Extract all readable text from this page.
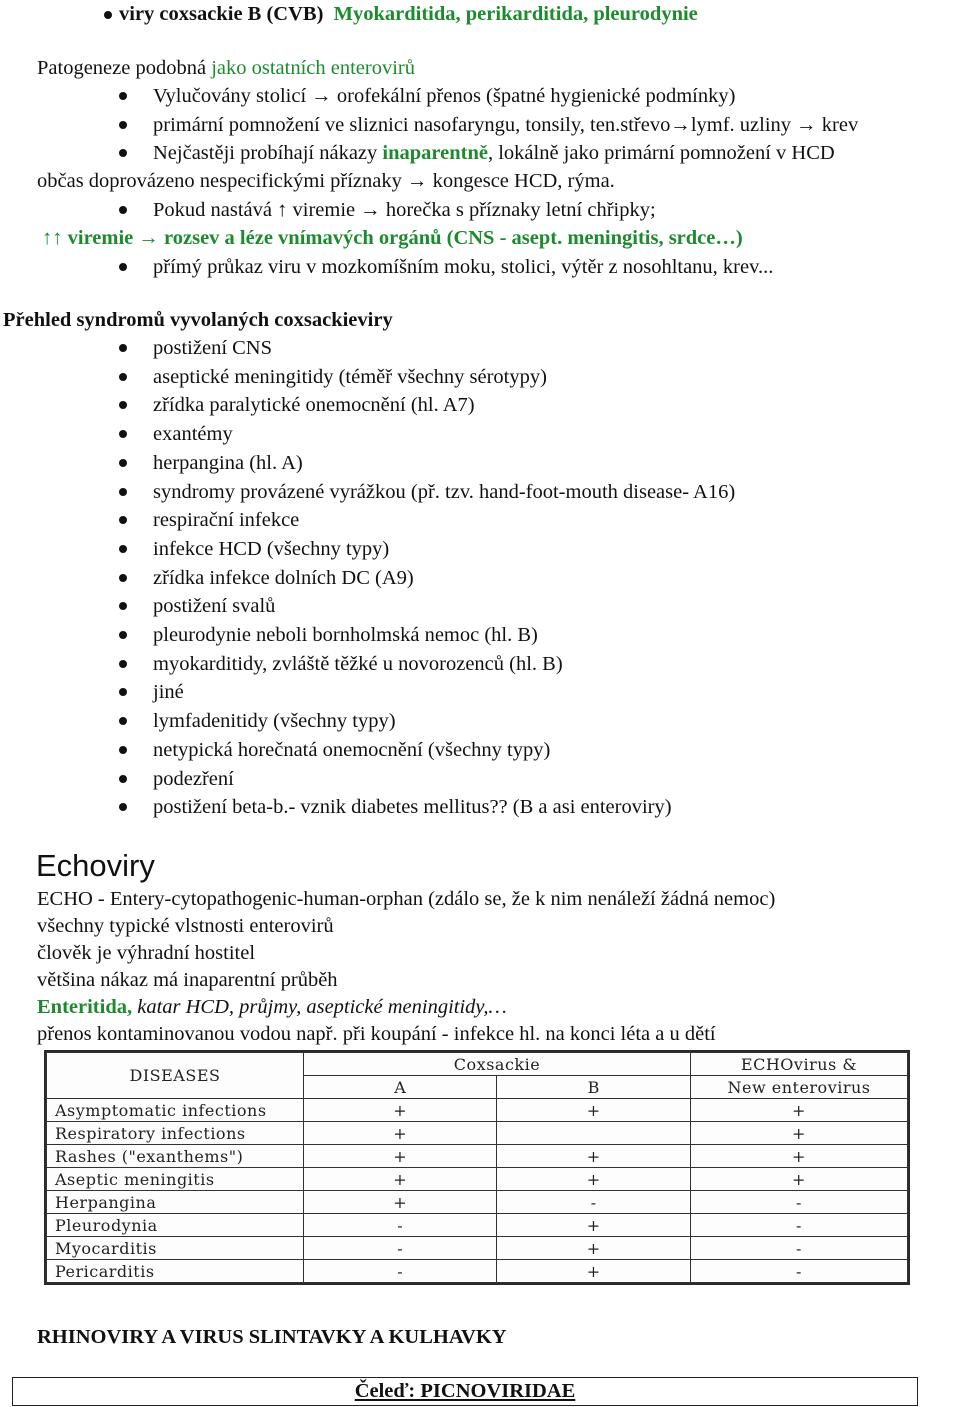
viry coxsackie B (CVB) Myokarditida, perikarditida, pleurodynie
Patogeneze podobná jako ostatních enterovirů
Vylučovány stolicí → orofekální přenos (špatné hygienické podmínky)
primární pomnožení ve sliznici nasofaryngu, tonsily, ten.střevo→lymf. uzliny → krev
Nejčastěji probíhají nákazy inaparentně, lokálně jako primární pomnožení v HCD
občas doprovázeno nespecifickými příznaky → kongesce HCD, rýma.
Pokud nastává ↑ viremie → horečka s příznaky letní chřipky;
↑↑ viremie → rozsev a léze vnímavých orgánů (CNS - asept. meningitis, srdce…)
přímý průkaz viru v mozkomíšním moku, stolici, výtěr z nosohltanu, krev...
Přehled syndromů vyvolaných coxsackieviry
postižení CNS
aseptické meningitidy (téměř všechny sérotypy)
zřídka paralytické onemocnění (hl. A7)
exantémy
herpangina (hl. A)
syndromy provázené vyrážkou (př. tzv. hand-foot-mouth disease- A16)
respirační infekce
infekce HCD (všechny typy)
zřídka infekce dolních DC (A9)
postižení svalů
pleurodynie neboli bornholmská nemoc (hl. B)
myokarditidy, zvláště těžké u novorozenců (hl. B)
jiné
lymfadenitidy (všechny typy)
netypická horečnatá onemocnění (všechny typy)
podezření
postižení beta-b.- vznik diabetes mellitus?? (B a asi enteroviry)
Echoviry
ECHO - Entery-cytopathogenic-human-orphan (zdálo se, že k nim nenáleží žádná nemoc)
všechny typické vlstnosti enterovirů
člověk je výhradní hostitel
většina nákaz má inaparentní průběh
Enteritida, katar HCD, průjmy, aseptické meningitidy,…
přenos kontaminovanou vodou např. při koupání - infekce hl. na konci léta a u dětí
DISEASES	Coxsackie		ECHOvirus &
	A	B	New enterovirus
Asymptomatic infections	+	+	+
Respiratory infections	+		+
Rashes ("exanthems")	+	+	+
Aseptic meningitis	+	+	+
Herpangina	+	-	-
Pleurodynia	-	+	-
Myocarditis	-	+	-
Pericarditis	-	+	-
RHINOVIRY A VIRUS SLINTAVKY A KULHAVKY
Čeleď: PICNOVIRIDAE
